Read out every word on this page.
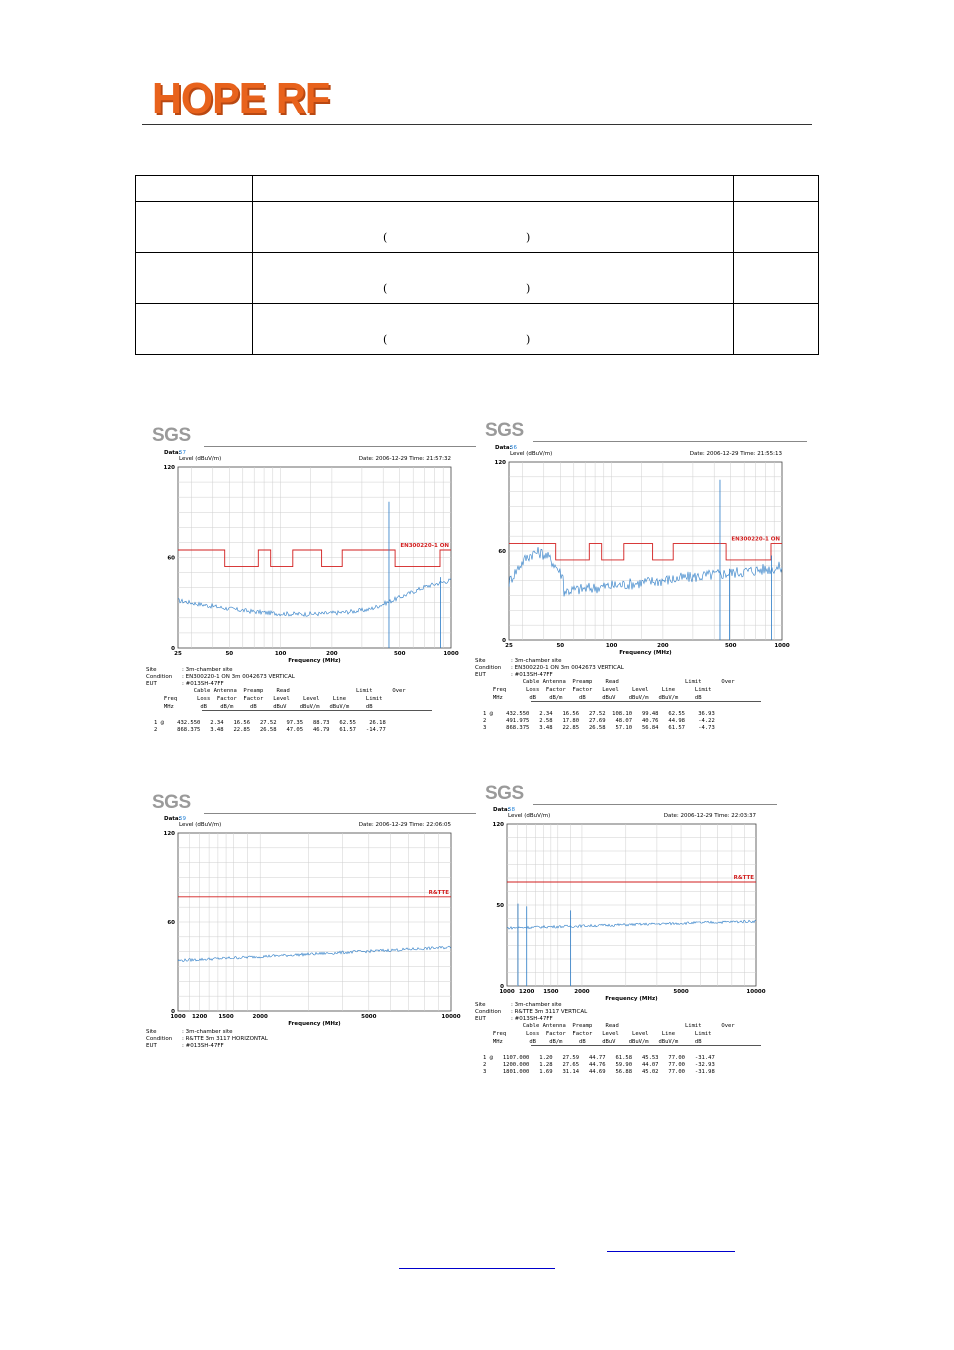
HOPE RF

(	)
(	)
(	)
SGS
Data:
57
Level (dBuV/m)	Date: 2006-12-29 Time: 21:57:32
120
60
0
25	50	100	200	500	1000
Frequency (MHz)
EN300220-1 ON
Site	: 3m-chamber site
Condition : EN300220-1 ON 3m 0042673 VERTICAL
EUT	: #013SH-47FF
Cable Antenna  Preamp    Read                    Limit      Over
Freq      Loss  Factor  Factor   Level    Level    Line      Limit
MHz        dB    dB/m     dB     dBuV    dBuV/m   dBuV/m     dB
1 @    432.550   2.34   16.56   27.52   97.35   88.73   62.55    26.18
2      868.375   3.48   22.85   26.58   47.05   46.79   61.57   -14.77
SGS
Data:
56
Level (dBuV/m)	Date: 2006-12-29 Time: 21:55:13
120
60
0
25	50	100	200	500	1000
Frequency (MHz)
EN300220-1 ON
Site	: 3m-chamber site
Condition : EN300220-1 ON 3m 0042673 VERTICAL
EUT	: #013SH-47FF
Cable Antenna  Preamp    Read                    Limit      Over
Freq      Loss  Factor  Factor   Level    Level    Line      Limit
MHz        dB    dB/m     dB     dBuV    dBuV/m   dBuV/m     dB
1 @    432.550   2.34   16.56   27.52  108.10   99.48   62.55    36.93
2      491.975   2.58   17.80   27.69   48.07   40.76   44.98    -4.22
3      868.375   3.48   22.85   26.58   57.10   56.84   61.57    -4.73
SGS
Data:
59
Level (dBuV/m)	Date: 2006-12-29 Time: 22:06:05
120
60
0
1000 1200 1500	2000	5000	10000
Frequency (MHz)
R&TTE
Site	: 3m-chamber site
Condition : R&TTE 3m 3117 HORIZONTAL
EUT	: #013SH-47FF
SGS
Data:
58
Level (dBuV/m)	Date: 2006-12-29 Time: 22:03:37
120
50
0
1000 1200 1500	2000	5000	10000
Frequency (MHz)
R&TTE
Site	: 3m-chamber site
Condition : R&TTE 3m 3117 VERTICAL
EUT	: #013SH-47FF
Cable Antenna  Preamp    Read                    Limit      Over
Freq      Loss  Factor  Factor   Level    Level    Line      Limit
MHz        dB    dB/m     dB     dBuV    dBuV/m   dBuV/m     dB
1 @   1107.000   1.20   27.59   44.77   61.58   45.53   77.00   -31.47
2     1200.000   1.28   27.65   44.76   59.90   44.07   77.00   -32.93
3     1801.000   1.69   31.14   44.69   56.88   45.02   77.00   -31.98
